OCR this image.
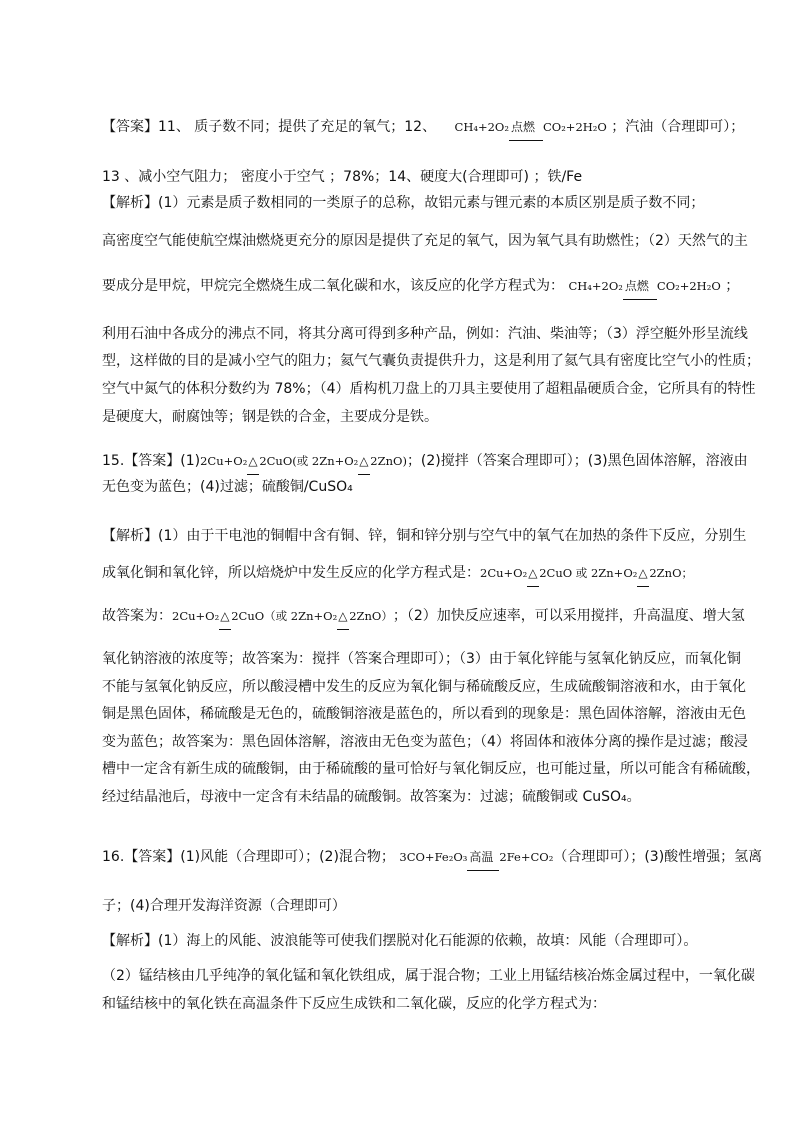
【答案】11、 质子数不同；提供了充足的氧气；12、 CH₄+2O₂ 点燃 CO₂+2H₂O ；汽油（合理即可）；
13 、减小空气阻力； 密度小于空气 ；78%；14、硬度大(合理即可) ；铁/Fe
【解析】(1）元素是质子数相同的一类原子的总称，故铝元素与锂元素的本质区别是质子数不同；
高密度空气能使航空煤油燃烧更充分的原因是提供了充足的氧气，因为氧气具有助燃性；（2）天然气的主
要成分是甲烷，甲烷完全燃烧生成二氧化碳和水，该反应的化学方程式为： CH₄+2O₂ 点燃 CO₂+2H₂O ；
利用石油中各成分的沸点不同，将其分离可得到多种产品，例如：汽油、柴油等；（3）浮空艇外形呈流线
型，这样做的目的是减小空气的阻力；氦气气囊负责提供升力，这是利用了氦气具有密度比空气小的性质；
空气中氮气的体积分数约为 78%；（4）盾构机刀盘上的刀具主要使用了超粗晶硬质合金，它所具有的特性
是硬度大，耐腐蚀等；钢是铁的合金，主要成分是铁。
15.【答案】(1)2Cu+O₂ △ 2CuO(或 2Zn+O₂ △ 2ZnO)；(2)搅拌（答案合理即可）；(3)黑色固体溶解，溶液由
无色变为蓝色；(4)过滤；硫酸铜/CuSO₄
【解析】(1）由于干电池的铜帽中含有铜、锌，铜和锌分别与空气中的氧气在加热的条件下反应，分别生
成氧化铜和氧化锌，所以焙烧炉中发生反应的化学方程式是：2Cu+O₂ △ 2CuO 或 2Zn+O₂ △ 2ZnO；
故答案为：2Cu+O₂ △ 2CuO（或 2Zn+O₂ △ 2ZnO）；（2）加快反应速率，可以采用搅拌，升高温度、增大氢
氧化钠溶液的浓度等；故答案为：搅拌（答案合理即可）；（3）由于氧化锌能与氢氧化钠反应，而氧化铜
不能与氢氧化钠反应，所以酸浸槽中发生的反应为氧化铜与稀硫酸反应，生成硫酸铜溶液和水，由于氧化
铜是黑色固体，稀硫酸是无色的，硫酸铜溶液是蓝色的，所以看到的现象是：黑色固体溶解，溶液由无色
变为蓝色；故答案为：黑色固体溶解，溶液由无色变为蓝色；（4）将固体和液体分离的操作是过滤；酸浸
槽中一定含有新生成的硫酸铜，由于稀硫酸的量可恰好与氧化铜反应，也可能过量，所以可能含有稀硫酸，
经过结晶池后，母液中一定含有未结晶的硫酸铜。故答案为：过滤；硫酸铜或 CuSO₄。
16.【答案】(1)风能（合理即可）；(2)混合物； 3CO+Fe₂O₃ 高温 2Fe+CO₂（合理即可）；(3)酸性增强；氢离
子；(4)合理开发海洋资源（合理即可）
【解析】(1）海上的风能、波浪能等可使我们摆脱对化石能源的依赖，故填：风能（合理即可）。
（2）锰结核由几乎纯净的氧化锰和氧化铁组成，属于混合物；工业上用锰结核冶炼金属过程中，一氧化碳
和锰结核中的氧化铁在高温条件下反应生成铁和二氧化碳，反应的化学方程式为：
